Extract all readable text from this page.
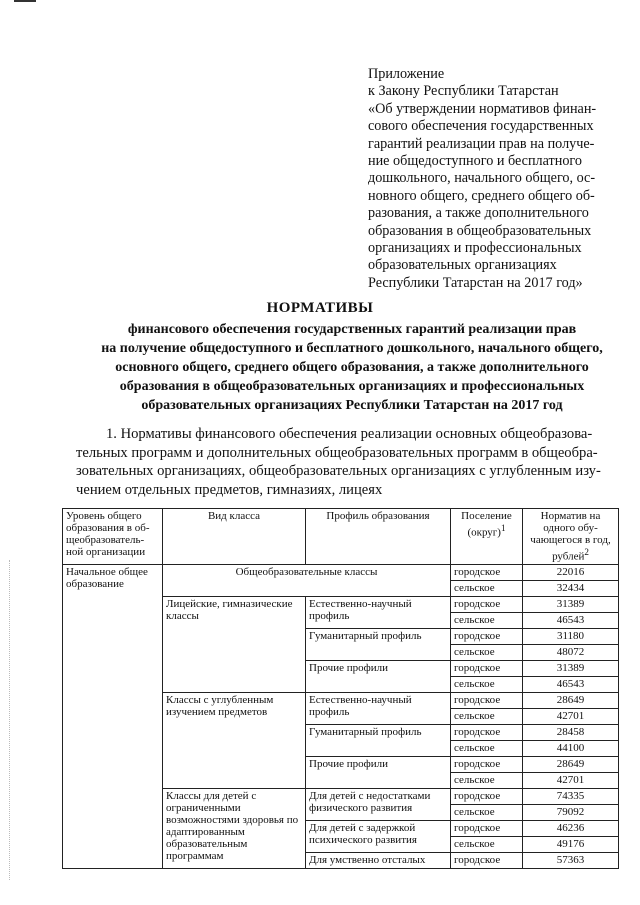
Приложение
к Закону Республики Татарстан
«Об утверждении нормативов финан-
сового обеспечения государственных
гарантий реализации прав на получе-
ние общедоступного и бесплатного
дошкольного, начального общего, ос-
новного общего, среднего общего об-
разования, а также дополнительного
образования в общеобразовательных
организациях и профессиональных
образовательных организациях
Республики Татарстан на 2017 год»
НОРМАТИВЫ
финансового обеспечения государственных гарантий реализации прав
на получение общедоступного и бесплатного дошкольного, начального общего,
основного общего, среднего общего образования, а также дополнительного
образования в общеобразовательных организациях и профессиональных
образовательных организациях Республики Татарстан на 2017 год
1. Нормативы финансового обеспечения реализации основных общеобразова-
тельных программ и дополнительных общеобразовательных программ в общеобра-
зовательных организациях, общеобразовательных организациях с углубленным изу-
чением отдельных предметов, гимназиях, лицеях
Уровень общего образования в об-щеобразователь-ной организации	Вид класса	Профиль образования	Поселение (округ)$^1$	Норматив на одного обу-чающегося в год, рублей$^2$
Начальное общее образование	Общеобразовательные классы		городское	22016
			сельское	32434
	Лицейские, гимназические классы	Естественно-научный профиль	городское	31389
			сельское	46543
		Гуманитарный профиль	городское	31180
			сельское	48072
		Прочие профили	городское	31389
			сельское	46543
	Классы с углубленным изучением предметов	Естественно-научный профиль	городское	28649
			сельское	42701
		Гуманитарный профиль	городское	28458
			сельское	44100
		Прочие профили	городское	28649
			сельское	42701
	Классы для детей с ограниченными возможностями здоровья по адаптированным образовательным программам	Для детей с недостатками физического развития	городское	74335
			сельское	79092
		Для детей с задержкой психического развития	городское	46236
			сельское	49176
		Для умственно отсталых	городское	57363
